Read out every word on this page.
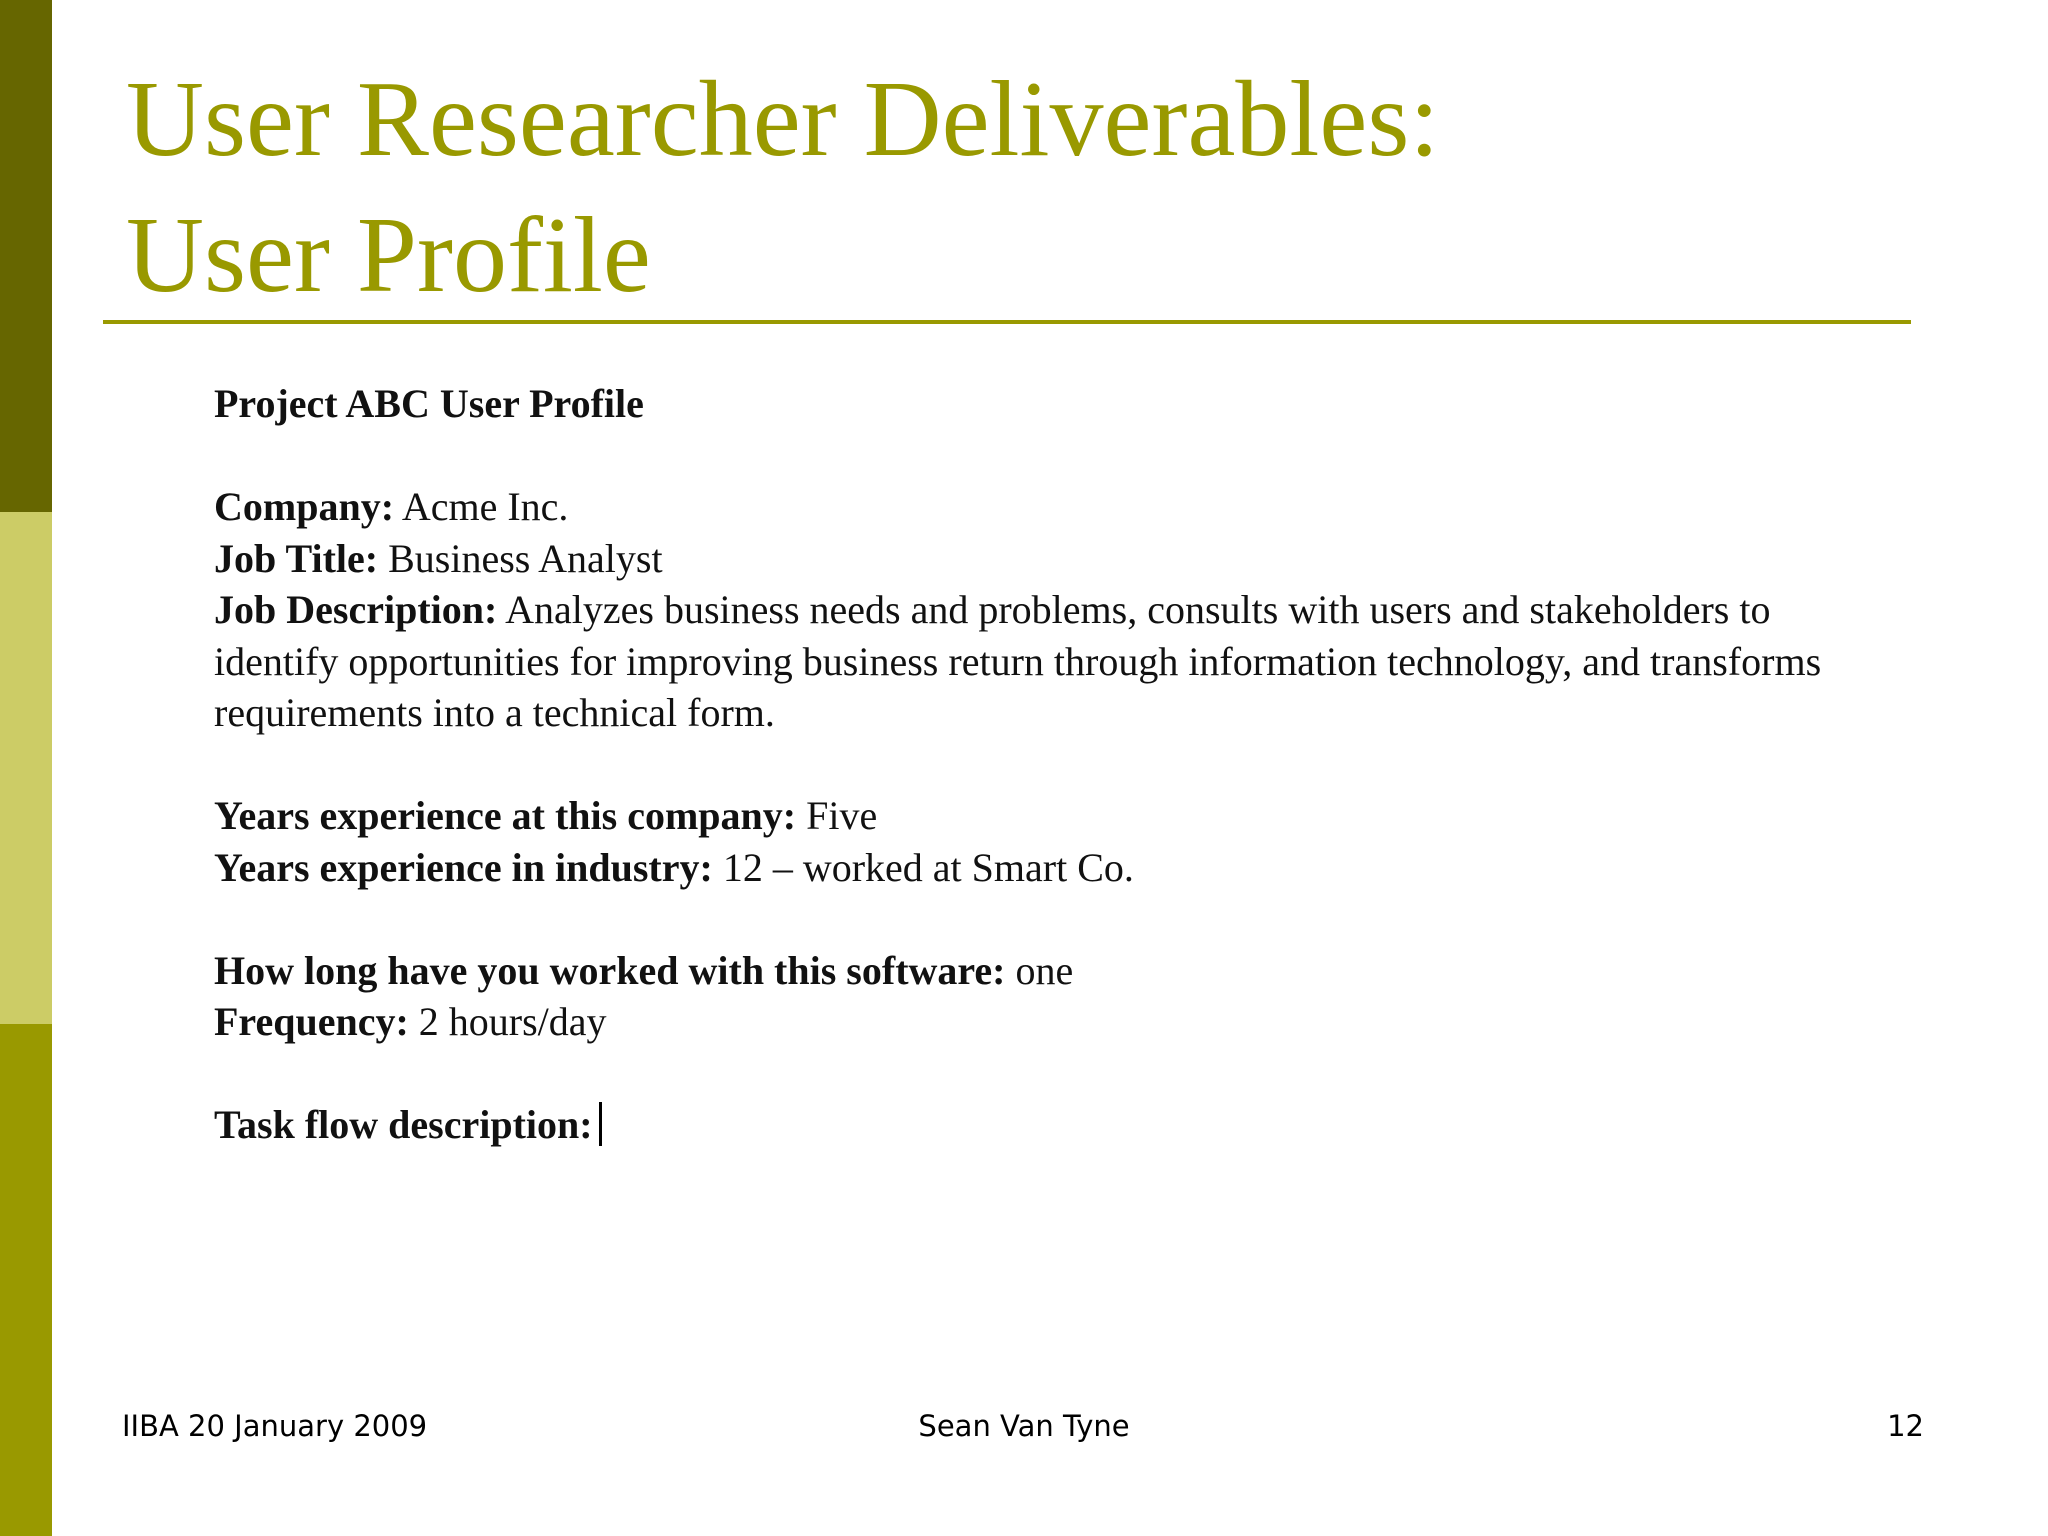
User Researcher Deliverables:
User Profile

Project ABC User Profile

Company: Acme Inc.

Job Title: Business Analyst

Job Description: Analyzes business needs and problems, consults with users and stakeholders to identify opportunities for improving business return through information technology, and transforms requirements into a technical form.

Years experience at this company: Five

Years experience in industry: 12 – worked at Smart Co.

How long have you worked with this software: one

Frequency: 2 hours/day

Task flow description:

IIBA 20 January 2009	Sean Van Tyne	12
